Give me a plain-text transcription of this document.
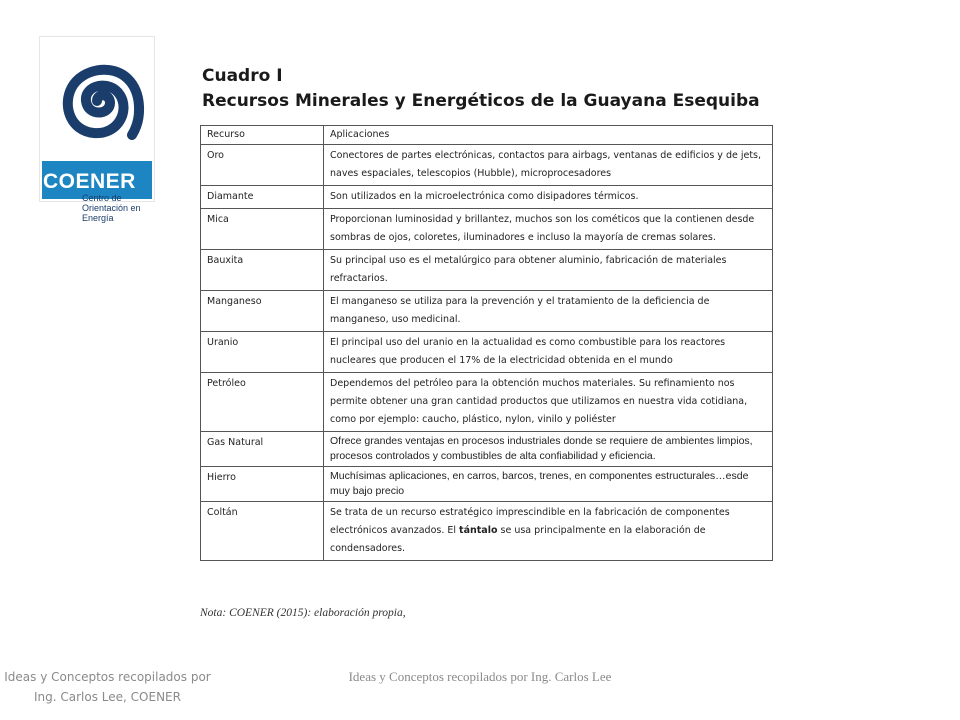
COENER
Centro de Orientación en Energía
Cuadro I
Recursos Minerales y Energéticos de la Guayana Esequiba
Recurso	Aplicaciones
Oro	Conectores de partes electrónicas, contactos para airbags, ventanas de edificios y de jets, naves espaciales, telescopios (Hubble), microprocesadores
Diamante	Son utilizados en la microelectrónica como disipadores térmicos.
Mica	Proporcionan luminosidad y brillantez, muchos son los cométicos que la contienen desde sombras de ojos, coloretes, iluminadores e incluso la mayoría de cremas solares.
Bauxita	Su principal uso es el metalúrgico para obtener aluminio, fabricación de materiales refractarios.
Manganeso	El manganeso se utiliza para la prevención y el tratamiento de la deficiencia de manganeso, uso medicinal.
Uranio	El principal uso del uranio en la actualidad es como combustible para los reactores nucleares que producen el 17% de la electricidad obtenida en el mundo
Petróleo	Dependemos del petróleo para la obtención muchos materiales. Su refinamiento nos permite obtener una gran cantidad productos que utilizamos en nuestra vida cotidiana, como por ejemplo: caucho, plástico, nylon, vinilo y poliéster
Gas Natural	Ofrece grandes ventajas en procesos industriales donde se requiere de ambientes limpios, procesos controlados y combustibles de alta confiabilidad y eficiencia.
Hierro	Muchísimas aplicaciones, en carros, barcos, trenes, en componentes estructurales…esde muy bajo precio
Coltán	Se trata de un recurso estratégico imprescindible en la fabricación de componentes electrónicos avanzados. El tántalo se usa principalmente en la elaboración de condensadores.
Nota: COENER (2015): elaboración propia,
Ideas y Conceptos recopilados por Ing. Carlos Lee, COENER
Ideas y Conceptos recopilados por Ing. Carlos Lee
